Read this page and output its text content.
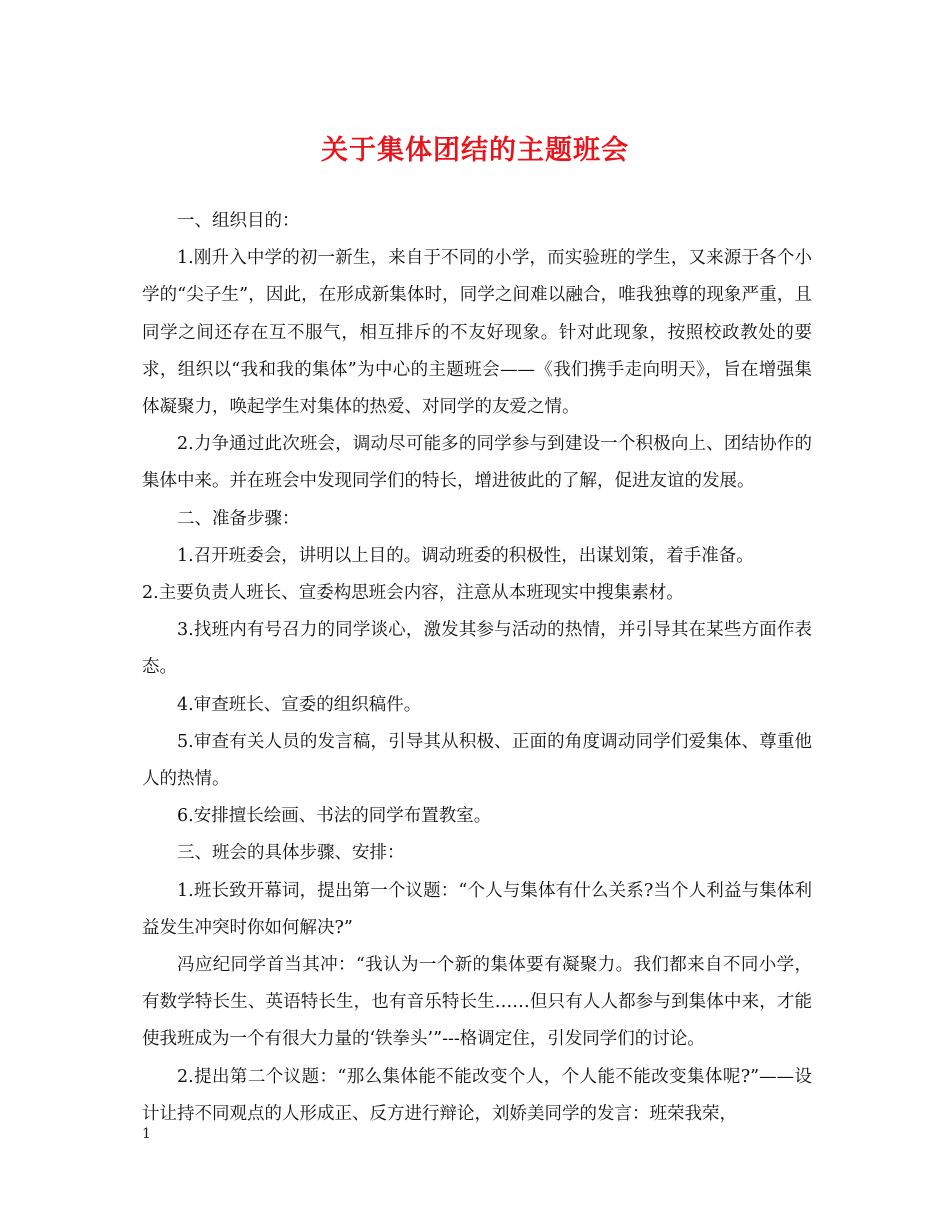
关于集体团结的主题班会

一、组织目的：

1.刚升入中学的初一新生，来自于不同的小学，而实验班的学生，又来源于各个小学的“尖子生”，因此，在形成新集体时，同学之间难以融合，唯我独尊的现象严重，且同学之间还存在互不服气，相互排斥的不友好现象。针对此现象，按照校政教处的要求，组织以“我和我的集体”为中心的主题班会——《我们携手走向明天》，旨在增强集体凝聚力，唤起学生对集体的热爱、对同学的友爱之情。

2.力争通过此次班会，调动尽可能多的同学参与到建设一个积极向上、团结协作的集体中来。并在班会中发现同学们的特长，增进彼此的了解，促进友谊的发展。

二、准备步骤：

1.召开班委会，讲明以上目的。调动班委的积极性，出谋划策，着手准备。

2.主要负责人班长、宣委构思班会内容，注意从本班现实中搜集素材。

3.找班内有号召力的同学谈心，激发其参与活动的热情，并引导其在某些方面作表态。

4.审查班长、宣委的组织稿件。

5.审查有关人员的发言稿，引导其从积极、正面的角度调动同学们爱集体、尊重他人的热情。

6.安排擅长绘画、书法的同学布置教室。

三、班会的具体步骤、安排：

1.班长致开幕词，提出第一个议题：“个人与集体有什么关系?当个人利益与集体利益发生冲突时你如何解决?”

冯应纪同学首当其冲：“我认为一个新的集体要有凝聚力。我们都来自不同小学，有数学特长生、英语特长生，也有音乐特长生……但只有人人都参与到集体中来，才能使我班成为一个有很大力量的‘铁拳头’”---格调定住，引发同学们的讨论。

2.提出第二个议题：“那么集体能不能改变个人，个人能不能改变集体呢?”——设计让持不同观点的人形成正、反方进行辩论，刘娇美同学的发言：班荣我荣，

1
